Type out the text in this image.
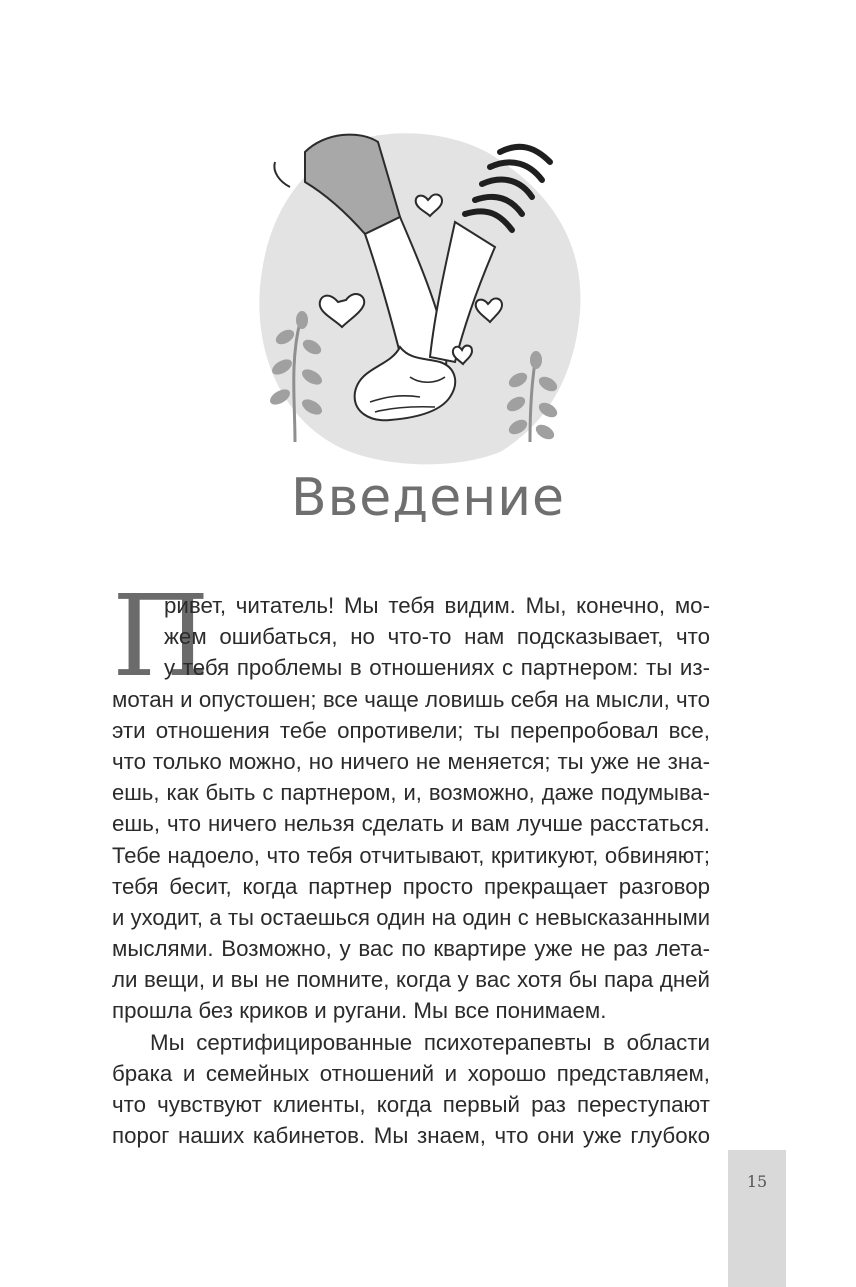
Введение
П
ривет, читатель! Мы тебя видим. Мы, конечно, мо-
жем ошибаться, но что-то нам подсказывает, что
у тебя проблемы в отношениях с партнером: ты из-
мотан и опустошен; все чаще ловишь себя на мысли, что
эти отношения тебе опротивели; ты перепробовал все,
что только можно, но ничего не меняется; ты уже не зна-
ешь, как быть с партнером, и, возможно, даже подумыва-
ешь, что ничего нельзя сделать и вам лучше расстаться.
Тебе надоело, что тебя отчитывают, критикуют, обвиняют;
тебя бесит, когда партнер просто прекращает разговор
и уходит, а ты остаешься один на один с невысказанными
мыслями. Возможно, у вас по квартире уже не раз лета-
ли вещи, и вы не помните, когда у вас хотя бы пара дней
прошла без криков и ругани. Мы все понимаем.
Мы сертифицированные психотерапевты в области
брака и семейных отношений и хорошо представляем,
что чувствуют клиенты, когда первый раз переступают
порог наших кабинетов. Мы знаем, что они уже глубоко
15
